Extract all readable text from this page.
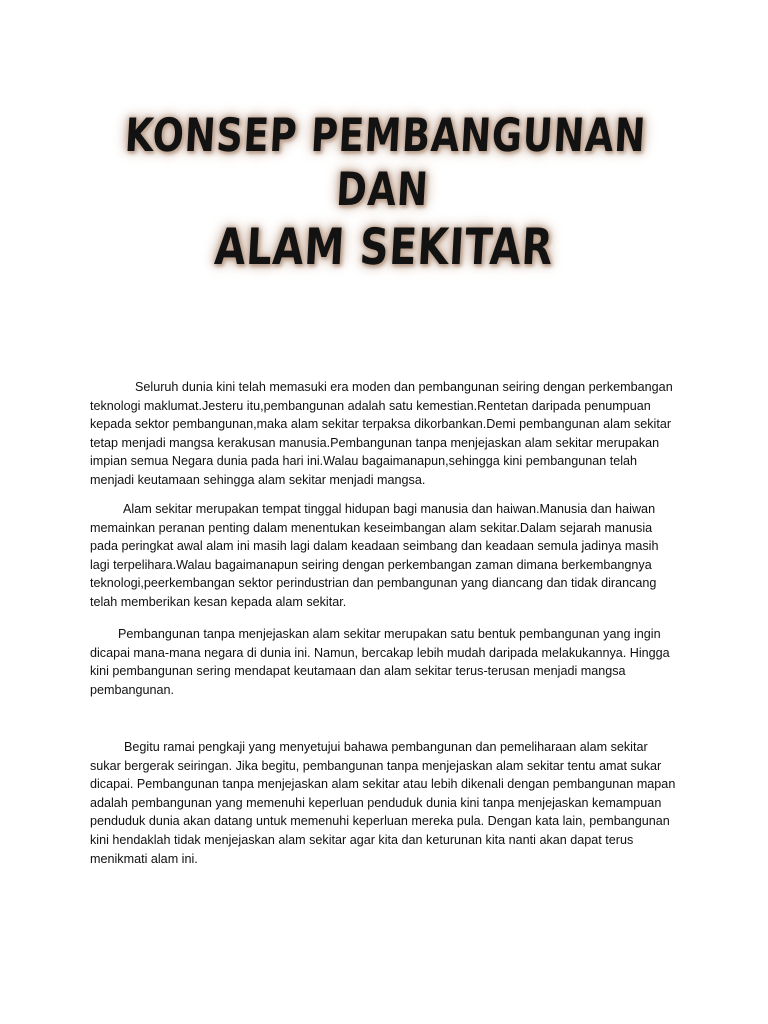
KONSEP PEMBANGUNAN DAN
ALAM SEKITAR

Seluruh dunia kini telah memasuki era moden dan pembangunan seiring dengan perkembangan teknologi maklumat.Jesteru itu,pembangunan adalah satu kemestian.Rentetan daripada penumpuan kepada sektor pembangunan,maka alam sekitar terpaksa dikorbankan.Demi pembangunan alam sekitar tetap menjadi mangsa kerakusan manusia.Pembangunan tanpa menjejaskan alam sekitar merupakan impian semua Negara dunia pada hari ini.Walau bagaimanapun,sehingga kini pembangunan telah menjadi keutamaan sehingga alam sekitar menjadi mangsa.

Alam sekitar merupakan tempat tinggal hidupan bagi manusia dan haiwan.Manusia dan haiwan memainkan peranan penting dalam menentukan keseimbangan alam sekitar.Dalam sejarah manusia pada peringkat awal alam ini masih lagi dalam keadaan seimbang dan keadaan semula jadinya masih lagi terpelihara.Walau bagaimanapun seiring dengan perkembangan zaman dimana berkembangnya teknologi,peerkembangan sektor perindustrian dan pembangunan yang diancang dan tidak dirancang telah memberikan kesan kepada alam sekitar.

Pembangunan tanpa menjejaskan alam sekitar merupakan satu bentuk pembangunan yang ingin dicapai mana-mana negara di dunia ini. Namun, bercakap lebih mudah daripada melakukannya. Hingga kini pembangunan sering mendapat keutamaan dan alam sekitar terus-terusan menjadi mangsa pembangunan.

Begitu ramai pengkaji yang menyetujui bahawa pembangunan dan pemeliharaan alam sekitar sukar bergerak seiringan. Jika begitu, pembangunan tanpa menjejaskan alam sekitar tentu amat sukar dicapai. Pembangunan tanpa menjejaskan alam sekitar atau lebih dikenali dengan pembangunan mapan adalah pembangunan yang memenuhi keperluan penduduk dunia kini tanpa menjejaskan kemampuan penduduk dunia akan datang untuk memenuhi keperluan mereka pula. Dengan kata lain, pembangunan kini hendaklah tidak menjejaskan alam sekitar agar kita dan keturunan kita nanti akan dapat terus menikmati alam ini.
